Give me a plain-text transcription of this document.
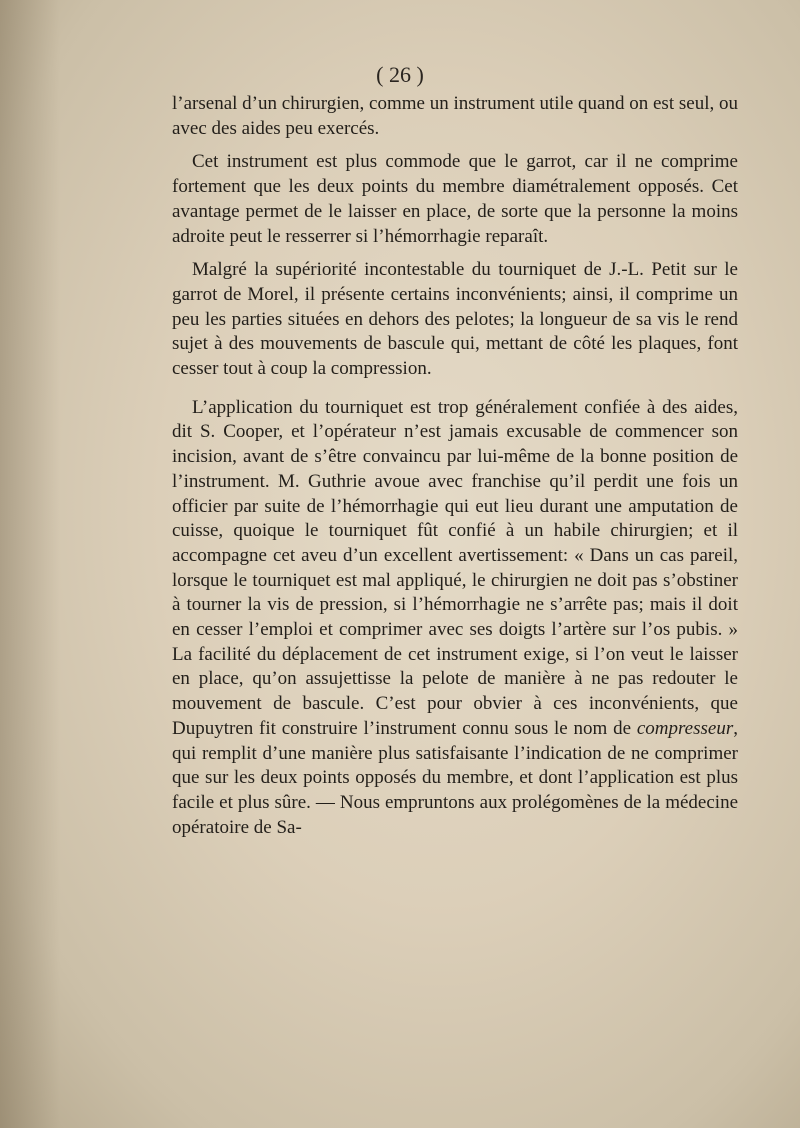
( 26 )

l’arsenal d’un chirurgien, comme un instrument utile quand on est seul, ou avec des aides peu exercés.

Cet instrument est plus commode que le garrot, car il ne comprime fortement que les deux points du membre diamétralement opposés. Cet avantage permet de le laisser en place, de sorte que la personne la moins adroite peut le resserrer si l’hémorrhagie reparaît.

Malgré la supériorité incontestable du tourniquet de J.-L. Petit sur le garrot de Morel, il présente certains inconvénients; ainsi, il comprime un peu les parties situées en dehors des pelotes; la longueur de sa vis le rend sujet à des mouvements de bascule qui, mettant de côté les plaques, font cesser tout à coup la compression.

L’application du tourniquet est trop généralement confiée à des aides, dit S. Cooper, et l’opérateur n’est jamais excusable de commencer son incision, avant de s’être convaincu par lui-même de la bonne position de l’instrument. M. Guthrie avoue avec franchise qu’il perdit une fois un officier par suite de l’hémorrhagie qui eut lieu durant une amputation de cuisse, quoique le tourniquet fût confié à un habile chirurgien; et il accompagne cet aveu d’un excellent avertissement: « Dans un cas pareil, lorsque le tourniquet est mal appliqué, le chirurgien ne doit pas s’obstiner à tourner la vis de pression, si l’hémorrhagie ne s’arrête pas; mais il doit en cesser l’emploi et comprimer avec ses doigts l’artère sur l’os pubis. » La facilité du déplacement de cet instrument exige, si l’on veut le laisser en place, qu’on assujettisse la pelote de manière à ne pas redouter le mouvement de bascule. C’est pour obvier à ces inconvénients, que Dupuytren fit construire l’instrument connu sous le nom de compresseur, qui remplit d’une manière plus satisfaisante l’indication de ne comprimer que sur les deux points opposés du membre, et dont l’application est plus facile et plus sûre. — Nous empruntons aux prolégomènes de la médecine opératoire de Sa-
